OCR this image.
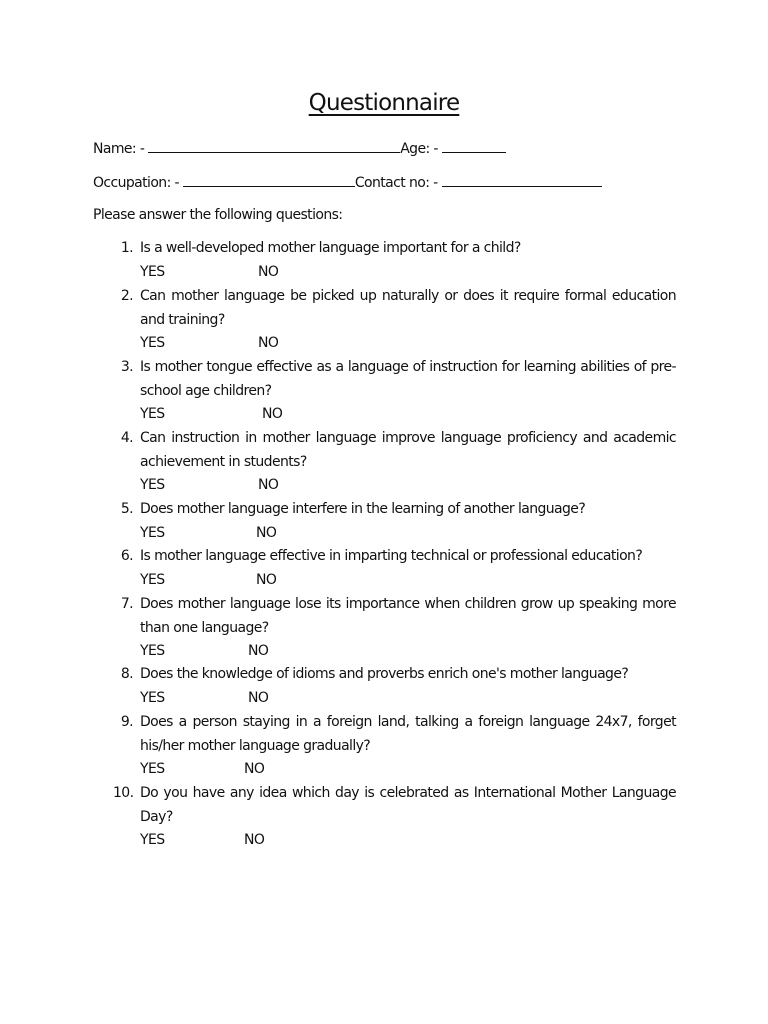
Questionnaire
Name: -	Age: -
Occupation: -	Contact no: -
Please answer the following questions:
1. Is a well-developed mother language important for a child?
YES	NO
2. Can mother language be picked up naturally or does it require formal education and training?
YES	NO
3. Is mother tongue effective as a language of instruction for learning abilities of pre-school age children?
YES	NO
4. Can instruction in mother language improve language proficiency and academic achievement in students?
YES	NO
5. Does mother language interfere in the learning of another language?
YES	NO
6. Is mother language effective in imparting technical or professional education?
YES	NO
7. Does mother language lose its importance when children grow up speaking more than one language?
YES	NO
8. Does the knowledge of idioms and proverbs enrich one's mother language?
YES	NO
9. Does a person staying in a foreign land, talking a foreign language 24x7, forget his/her mother language gradually?
YES	NO
10. Do you have any idea which day is celebrated as International Mother Language Day?
YES	NO
